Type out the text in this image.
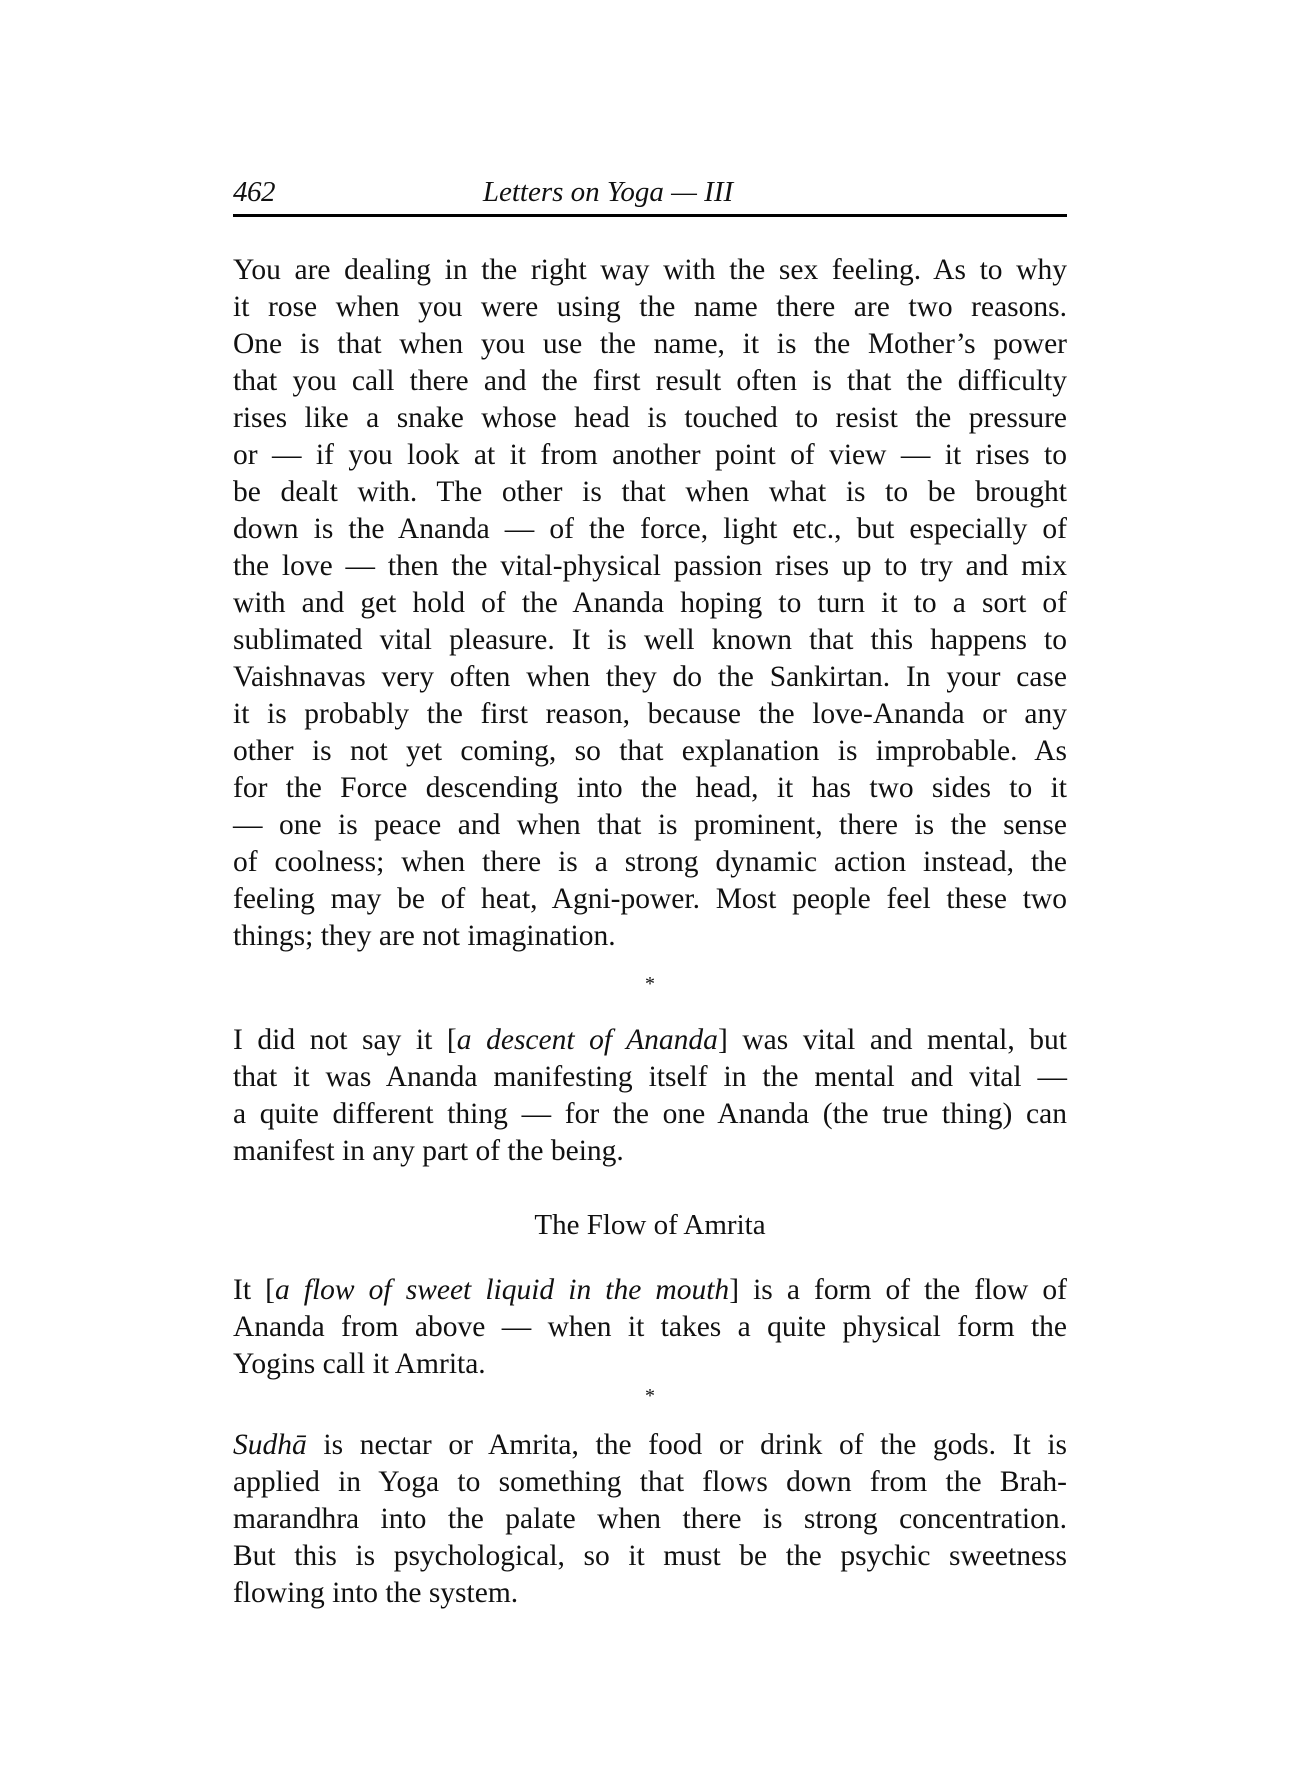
462	Letters on Yoga — III
You are dealing in the right way with the sex feeling. As to why
it rose when you were using the name there are two reasons.
One is that when you use the name, it is the Mother’s power
that you call there and the first result often is that the difficulty
rises like a snake whose head is touched to resist the pressure
or — if you look at it from another point of view — it rises to
be dealt with. The other is that when what is to be brought
down is the Ananda — of the force, light etc., but especially of
the love — then the vital-physical passion rises up to try and mix
with and get hold of the Ananda hoping to turn it to a sort of
sublimated vital pleasure. It is well known that this happens to
Vaishnavas very often when they do the Sankirtan. In your case
it is probably the first reason, because the love-Ananda or any
other is not yet coming, so that explanation is improbable. As
for the Force descending into the head, it has two sides to it
— one is peace and when that is prominent, there is the sense
of coolness; when there is a strong dynamic action instead, the
feeling may be of heat, Agni-power. Most people feel these two
things; they are not imagination.
*
I did not say it [a descent of Ananda] was vital and mental, but
that it was Ananda manifesting itself in the mental and vital —
a quite different thing — for the one Ananda (the true thing) can
manifest in any part of the being.
The Flow of Amrita
It [a flow of sweet liquid in the mouth] is a form of the flow of
Ananda from above — when it takes a quite physical form the
Yogins call it Amrita.
*
Sudhā is nectar or Amrita, the food or drink of the gods. It is
applied in Yoga to something that flows down from the Brah-
marandhra into the palate when there is strong concentration.
But this is psychological, so it must be the psychic sweetness
flowing into the system.
